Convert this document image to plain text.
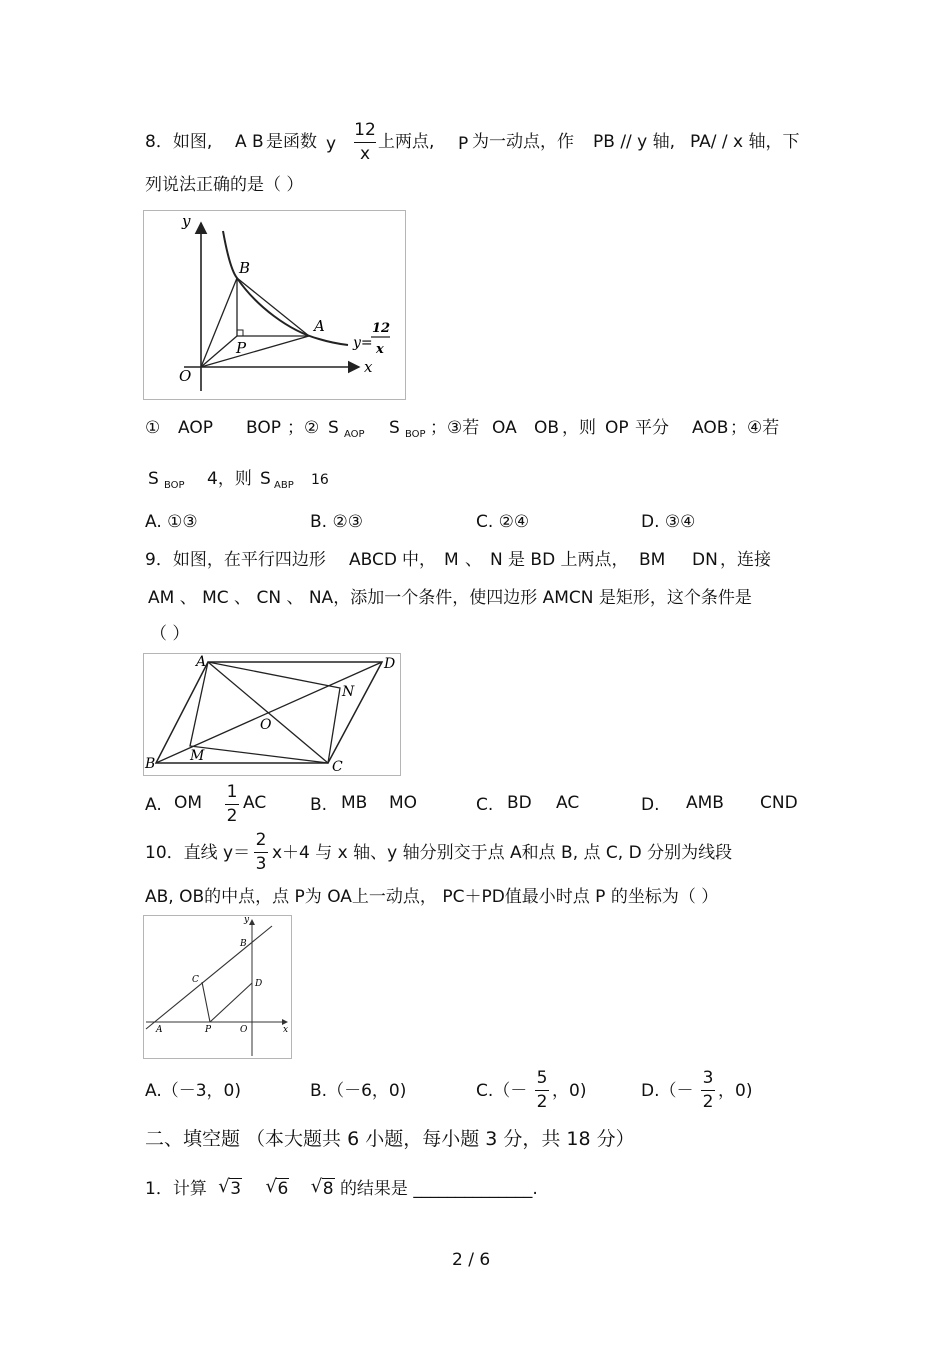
8．如图, A B 是函数 y
12
x
上两点, P 为一动点，作 PB // y 轴, PA/ / x 轴，下
列说法正确的是（ ）
y
x
O
B
A
P	y=
12
x
① AOP BOP ；② S AOP S BOP ；③若 OA OB ，则 OP 平分 AOB ；④若
S BOP 4，则 S ABP 16
A. ①③	B. ②③	C. ②④	D. ③④
9．如图，在平行四边形 ABCD 中， M 、 N 是 BD 上两点， BM DN ，连接
AM 、 MC 、 CN 、 NA，添加一个条件，使四边形 AMCN 是矩形，这个条件是
（ ）
A	D
N
O
B M
C
A. OM
1
2
AC	B. MB MO	C. BD AC	D. AMB CND
10．直线 y＝
2
3
x＋4 与 x 轴、y 轴分别交于点 A和点 B, 点 C, D 分别为线段
AB, OB的中点，点 P为 OA上一动点， PC＋PD值最小时点 P 的坐标为（ ）
y
B
C	D
A	P	O	x
A.（－3，0)	B.（－6，0)	C.（－
5
2
，0)	D.（－
3
2
，0)
二、填空题 （本大题共 6 小题，每小题 3 分，共 18 分）
1．计算 √ 3 √ 6 √ 8 的结果是 ______________.
2 / 6
